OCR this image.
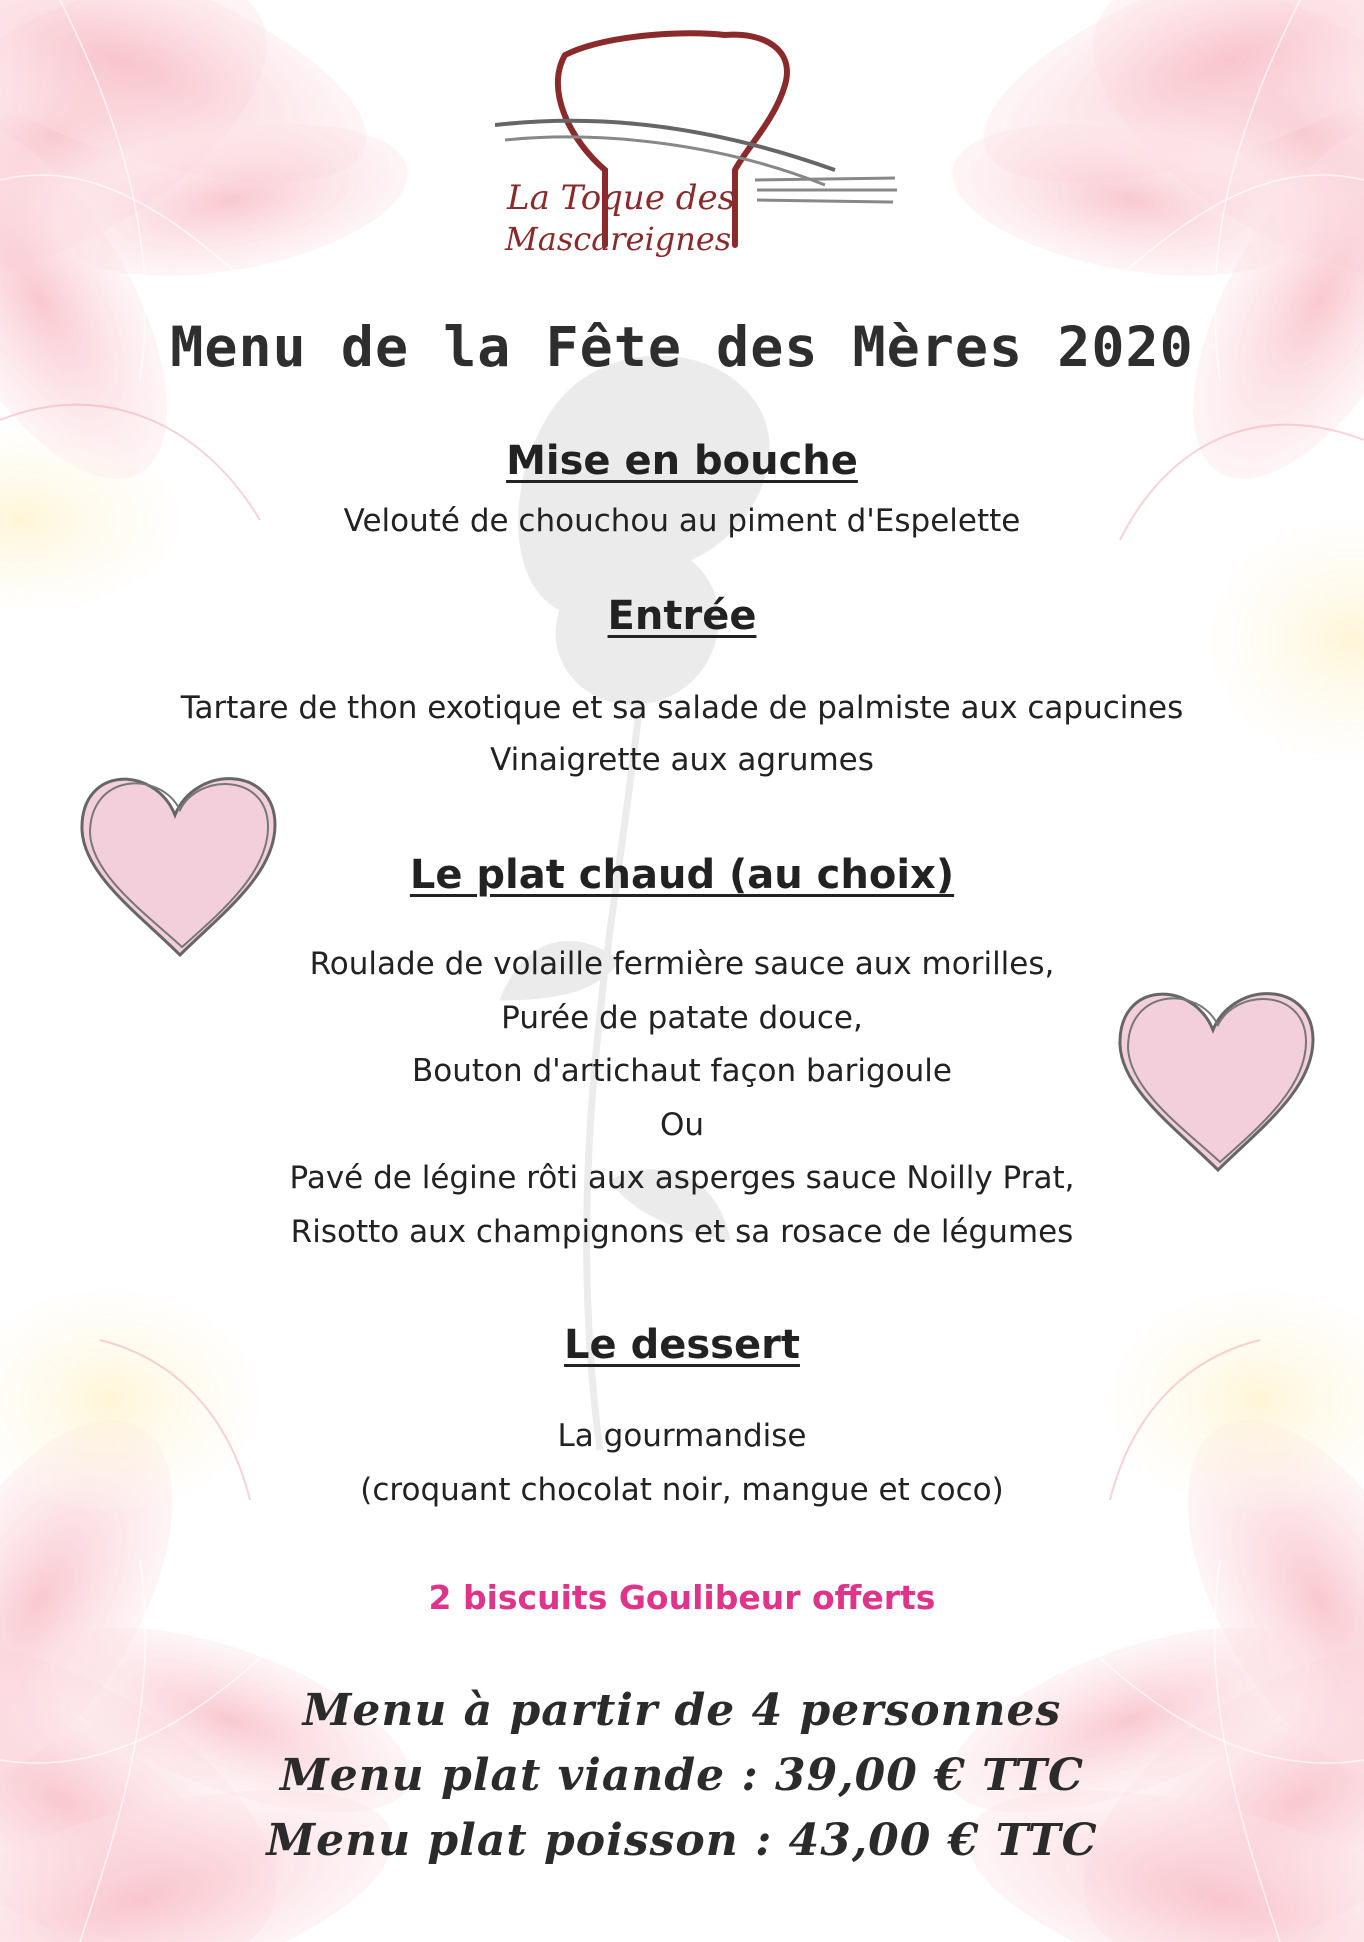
La Toque des
Mascareignes
Menu de la Fête des Mères 2020
Mise en bouche
Velouté de chouchou au piment d'Espelette
Entrée
Tartare de thon exotique et sa salade de palmiste aux capucines
Vinaigrette aux agrumes
Le plat chaud (au choix)
Roulade de volaille fermière sauce aux morilles,
Purée de patate douce,
Bouton d'artichaut façon barigoule
Ou
Pavé de légine rôti aux asperges sauce Noilly Prat,
Risotto aux champignons et sa rosace de légumes
Le dessert
La gourmandise
(croquant chocolat noir, mangue et coco)
2 biscuits Goulibeur offerts
Menu à partir de 4 personnes
Menu plat viande : 39,00 € TTC
Menu plat poisson : 43,00 € TTC
